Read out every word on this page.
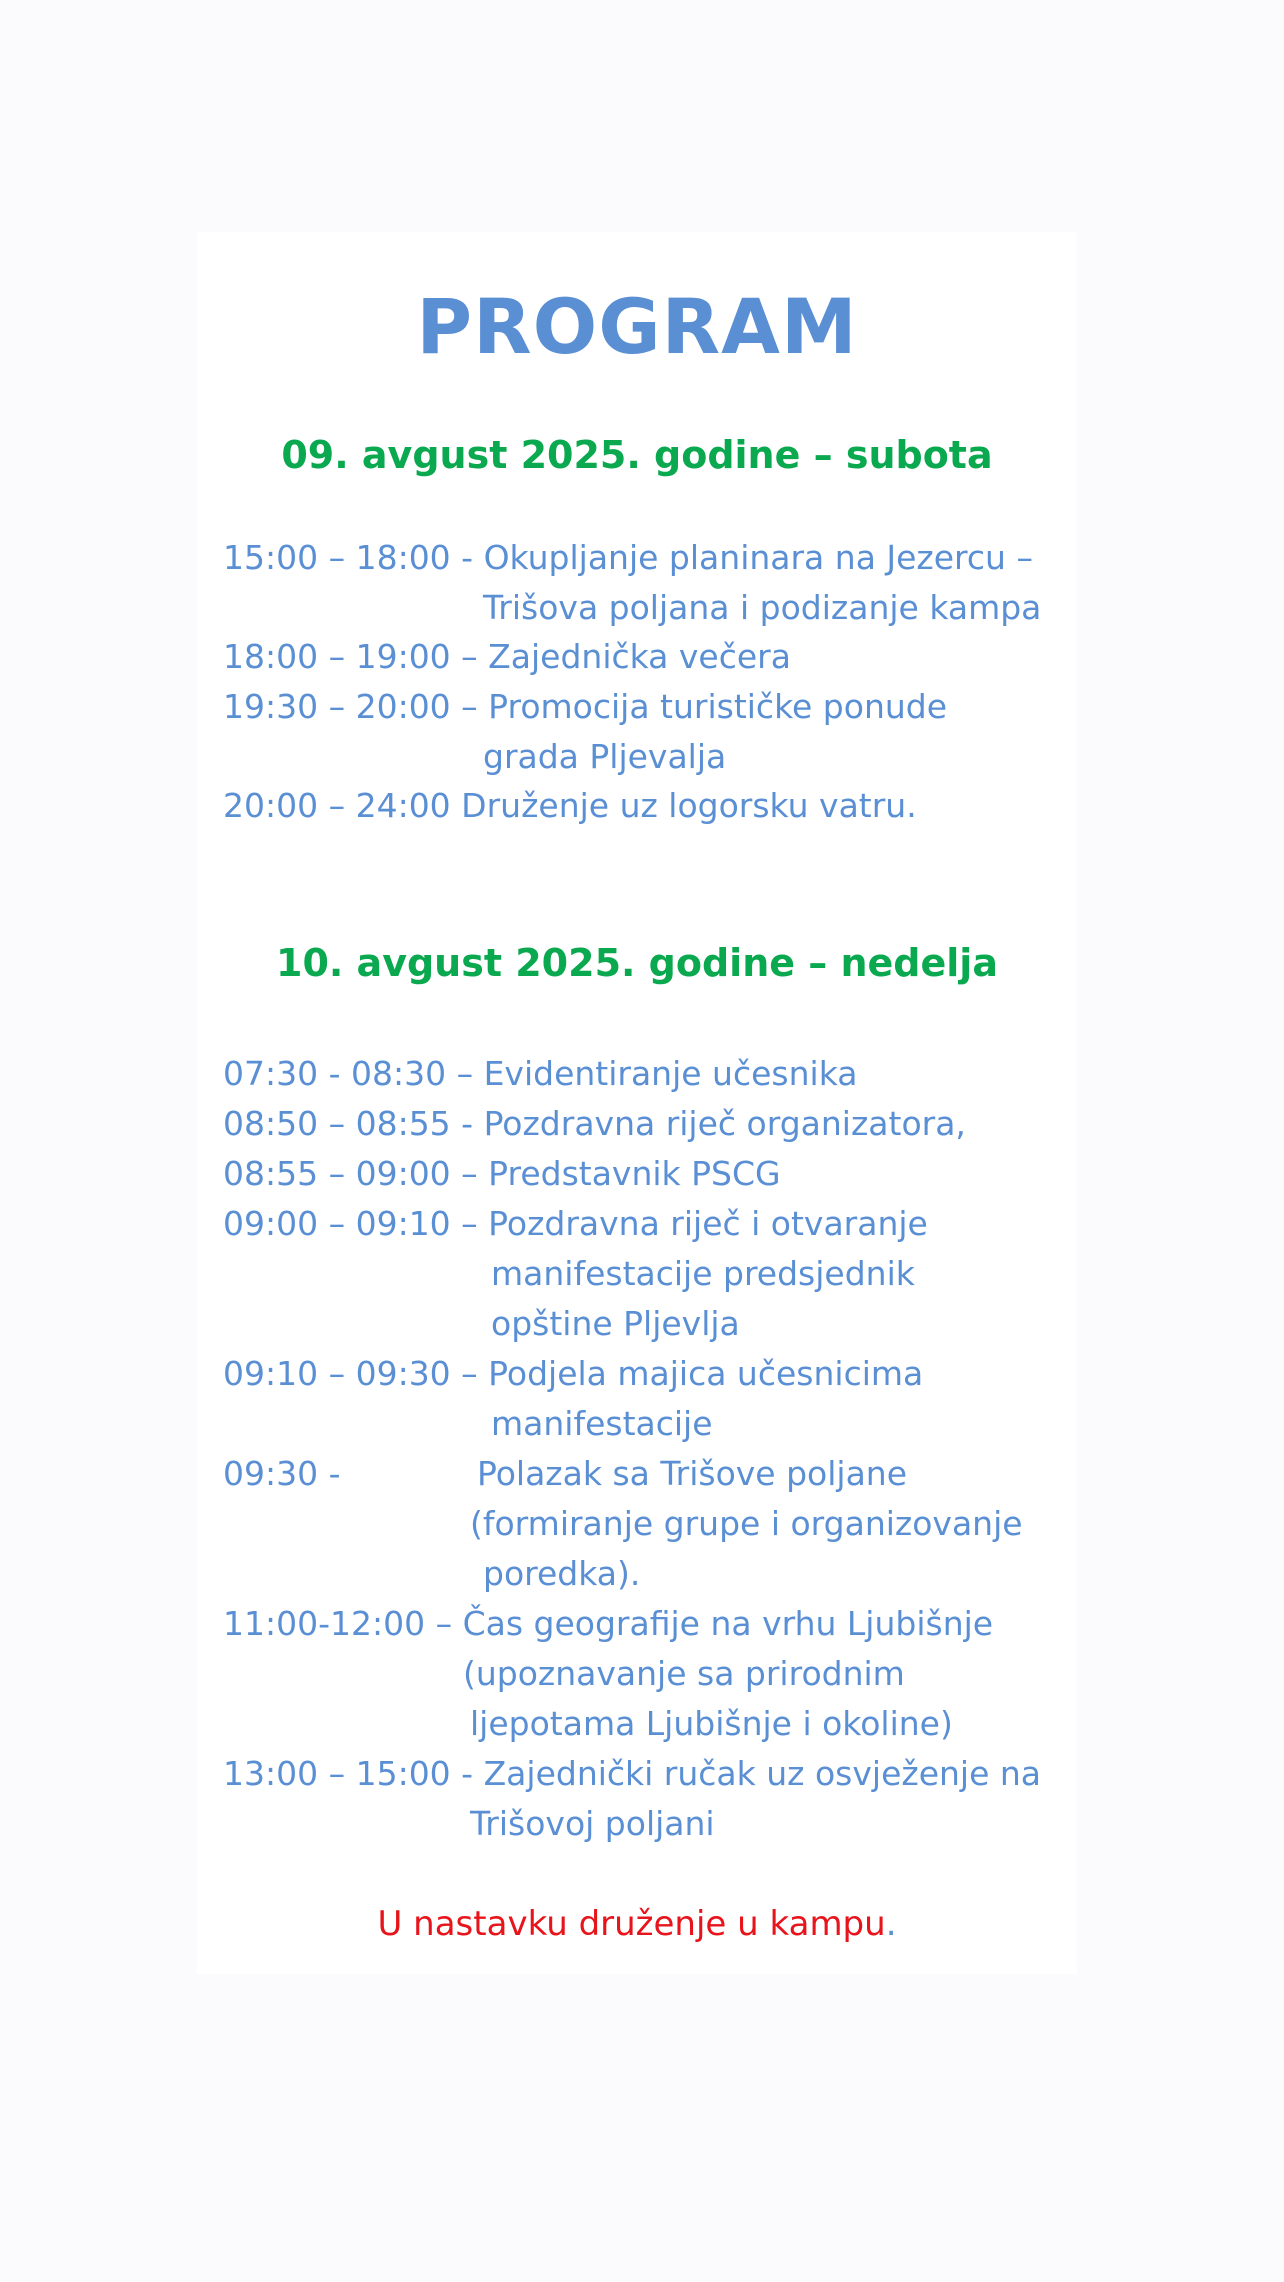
PROGRAM
09. avgust 2025. godine – subota
15:00 – 18:00 - Okupljanje planinara na Jezercu –
Trišova poljana i podizanje kampa
18:00 – 19:00 – Zajednička večera
19:30 – 20:00 – Promocija turističke ponude
grada Pljevalja
20:00 – 24:00 Druženje uz logorsku vatru.
10. avgust 2025. godine – nedelja
07:30 - 08:30 – Evidentiranje učesnika
08:50 – 08:55 - Pozdravna riječ organizatora,
08:55 – 09:00 – Predstavnik PSCG
09:00 – 09:10 – Pozdravna riječ i otvaranje
manifestacije predsjednik
opštine Pljevlja
09:10 – 09:30 – Podjela majica učesnicima
manifestacije
09:30 -	Polazak sa Trišove poljane
(formiranje grupe i organizovanje
poredka).
11:00-12:00 – Čas geografije na vrhu Ljubišnje
(upoznavanje sa prirodnim
ljepotama Ljubišnje i okoline)
13:00 – 15:00 - Zajednički ručak uz osvježenje na
Trišovoj poljani
U nastavku druženje u kampu.
